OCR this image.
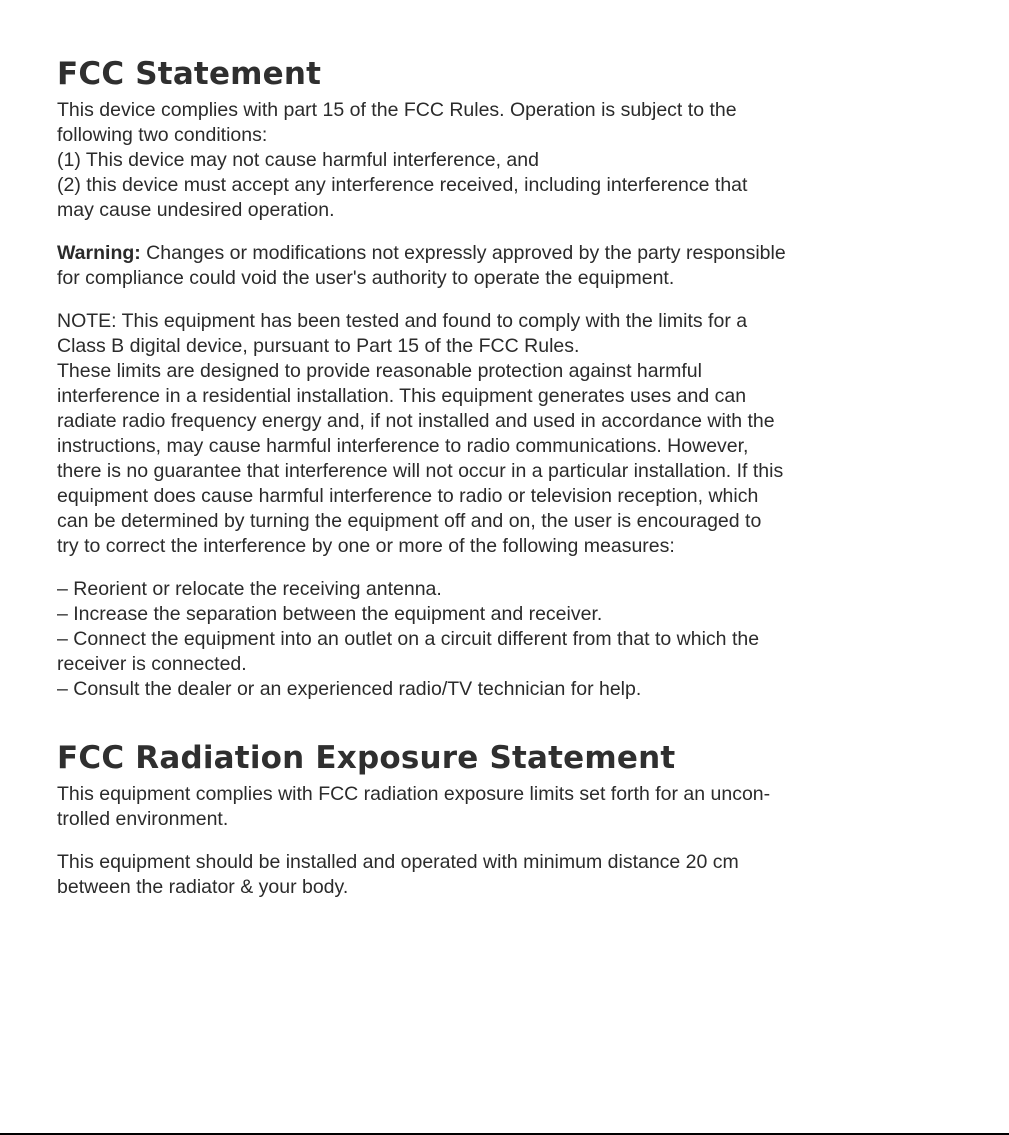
FCC Statement
This device complies with part 15 of the FCC Rules. Operation is subject to the
following two conditions:
(1) This device may not cause harmful interference, and
(2) this device must accept any interference received, including interference that
may cause undesired operation.
Warning: Changes or modifications not expressly approved by the party responsible
for compliance could void the user's authority to operate the equipment.
NOTE: This equipment has been tested and found to comply with the limits for a
Class B digital device, pursuant to Part 15 of the FCC Rules.
These limits are designed to provide reasonable protection against harmful
interference in a residential installation. This equipment generates uses and can
radiate radio frequency energy and, if not installed and used in accordance with the
instructions, may cause harmful interference to radio communications. However,
there is no guarantee that interference will not occur in a particular installation. If this
equipment does cause harmful interference to radio or television reception, which
can be determined by turning the equipment off and on, the user is encouraged to
try to correct the interference by one or more of the following measures:
– Reorient or relocate the receiving antenna.
– Increase the separation between the equipment and receiver.
– Connect the equipment into an outlet on a circuit different from that to which the
receiver is connected.
– Consult the dealer or an experienced radio/TV technician for help.
FCC Radiation Exposure Statement
This equipment complies with FCC radiation exposure limits set forth for an uncon-
trolled environment.
This equipment should be installed and operated with minimum distance 20 cm
between the radiator & your body.
